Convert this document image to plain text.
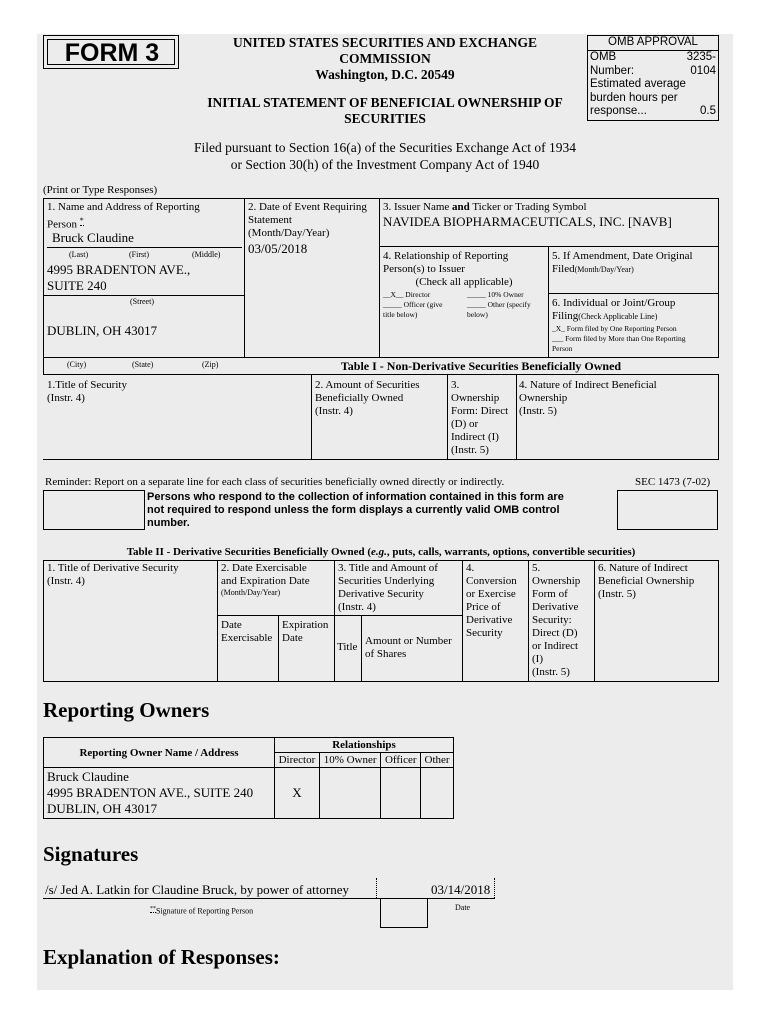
FORM 3	UNITED STATES SECURITIES AND EXCHANGE
COMMISSION
Washington, D.C. 20549
INITIAL STATEMENT OF BENEFICIAL OWNERSHIP OF
SECURITIES
Filed pursuant to Section 16(a) of the Securities Exchange Act of 1934
or Section 30(h) of the Investment Company Act of 1940
OMB APPROVAL
OMB	3235-
Number:	0104
Estimated average
burden hours per
response...	0.5
(Print or Type Responses)
1. Name and Address of Reporting
Person *
Bruck Claudine
(Last)	(First)	(Middle)
4995 BRADENTON AVE.,
SUITE 240
(Street)
DUBLIN, OH 43017
(City)	(State)	(Zip)
2. Date of Event Requiring
Statement
(Month/Day/Year)
03/05/2018
3. Issuer Name and Ticker or Trading Symbol
NAVIDEA BIOPHARMACEUTICALS, INC. [NAVB]
4. Relationship of Reporting
Person(s) to Issuer
(Check all applicable)
__X__ Director	_____ 10% Owner
_____ Officer (give
title below)
_____ Other (specify
below)
5. If Amendment, Date Original
Filed(Month/Day/Year)
6. Individual or Joint/Group
Filing(Check Applicable Line)
_X_ Form filed by One Reporting Person
___ Form filed by More than One Reporting
Person
Table I - Non-Derivative Securities Beneficially Owned
1.Title of Security
(Instr. 4)
2. Amount of Securities
Beneficially Owned
(Instr. 4)
3.
Ownership
Form: Direct
(D) or
Indirect (I)
(Instr. 5)
4. Nature of Indirect Beneficial
Ownership
(Instr. 5)
Reminder: Report on a separate line for each class of securities beneficially owned directly or indirectly.	SEC 1473 (7-02)
Persons who respond to the collection of information contained in this form are
not required to respond unless the form displays a currently valid OMB control
number.
Table II - Derivative Securities Beneficially Owned (e.g., puts, calls, warrants, options, convertible securities)
1. Title of Derivative Security
(Instr. 4)
2. Date Exercisable
and Expiration Date
(Month/Day/Year)
Date
Exercisable
Expiration
Date
3. Title and Amount of
Securities Underlying
Derivative Security
(Instr. 4)
Title Amount or Number
of Shares
4.
Conversion
or Exercise
Price of
Derivative
Security
5.
Ownership
Form of
Derivative
Security:
Direct (D)
or Indirect
(I)
(Instr. 5)
6. Nature of Indirect
Beneficial Ownership
(Instr. 5)
Reporting Owners
Reporting Owner Name / Address	Relationships			
	Director	10% Owner	Officer	Other

Bruck Claudine
4995 BRADENTON AVE., SUITE 240
DUBLIN, OH 43017	X			
Signatures
/s/ Jed A. Latkin for Claudine Bruck, by power of attorney	03/14/2018
**Signature of Reporting Person	Date
Explanation of Responses:
